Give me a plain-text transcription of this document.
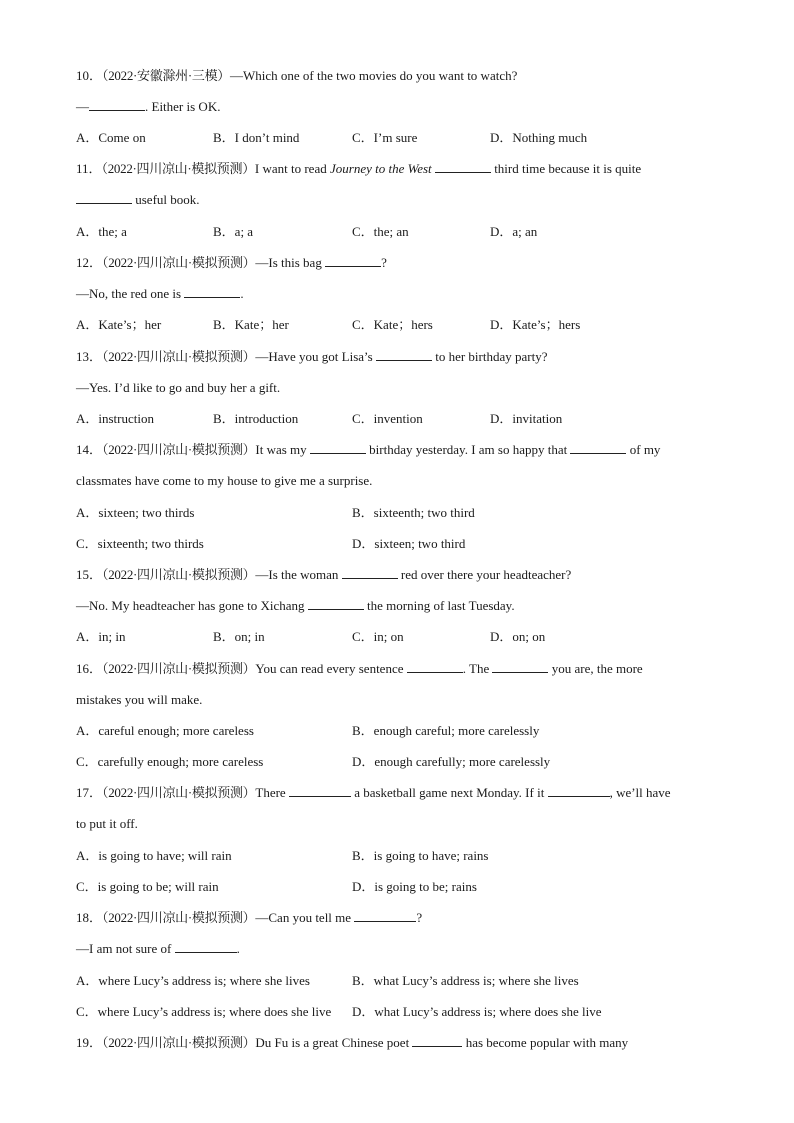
10．（2022·安徽滁州·三模）—Which one of the two movies do you want to watch?
—	. Either is OK.
A．Come on	B．I don’t mind	C．I’m sure	D．Nothing much
11．（2022·四川凉山·模拟预测）I want to read Journey to the West	third time because it is quite
useful book.
A．the; a	B．a; a	C．the; an	D．a; an
12．（2022·四川凉山·模拟预测）—Is this bag	?
—No, the red one is	.
A．Kate’s；her	B．Kate；her	C．Kate；hers	D．Kate’s；hers
13．（2022·四川凉山·模拟预测）—Have you got Lisa’s	to her birthday party?
—Yes. I’d like to go and buy her a gift.
A．instruction	B．introduction	C．invention	D．invitation
14．（2022·四川凉山·模拟预测）It was my	birthday yesterday. I am so happy that	of my
classmates have come to my house to give me a surprise.
A．sixteen; two thirds	B．sixteenth; two third
C．sixteenth; two thirds	D．sixteen; two third
15．（2022·四川凉山·模拟预测）—Is the woman	red over there your headteacher?
—No. My headteacher has gone to Xichang	the morning of last Tuesday.
A．in; in	B．on; in	C．in; on	D．on; on
16．（2022·四川凉山·模拟预测）You can read every sentence	. The	you are, the more
mistakes you will make.
A．careful enough; more careless	B．enough careful; more carelessly
C．carefully enough; more careless	D．enough carefully; more carelessly
17．（2022·四川凉山·模拟预测）There	a basketball game next Monday. If it	, we’ll have
to put it off.
A．is going to have; will rain	B．is going to have; rains
C．is going to be; will rain	D．is going to be; rains
18．（2022·四川凉山·模拟预测）—Can you tell me	?
—I am not sure of	.
A．where Lucy’s address is; where she lives	B．what Lucy’s address is; where she lives
C．where Lucy’s address is; where does she live D．what Lucy’s address is; where does she live
19．（2022·四川凉山·模拟预测）Du Fu is a great Chinese poet	has become popular with many
